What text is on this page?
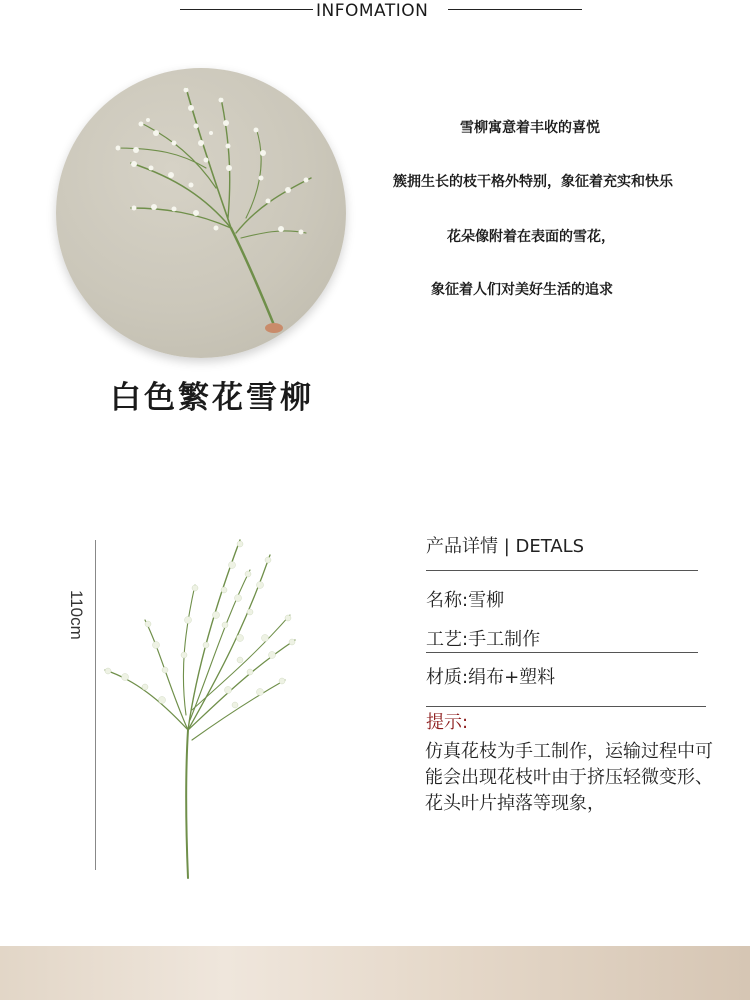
INFOMATION
白色繁花雪柳
雪柳寓意着丰收的喜悦
簇拥生长的枝干格外特别，象征着充实和快乐
花朵像附着在表面的雪花，
象征着人们对美好生活的追求
110cm
产品详情 | DETALS
名称:雪柳
工艺:手工制作
材质:绢布+塑料
提示:
仿真花枝为手工制作，运输过程中可能会出现花枝叶由于挤压轻微变形、花头叶片掉落等现象，
